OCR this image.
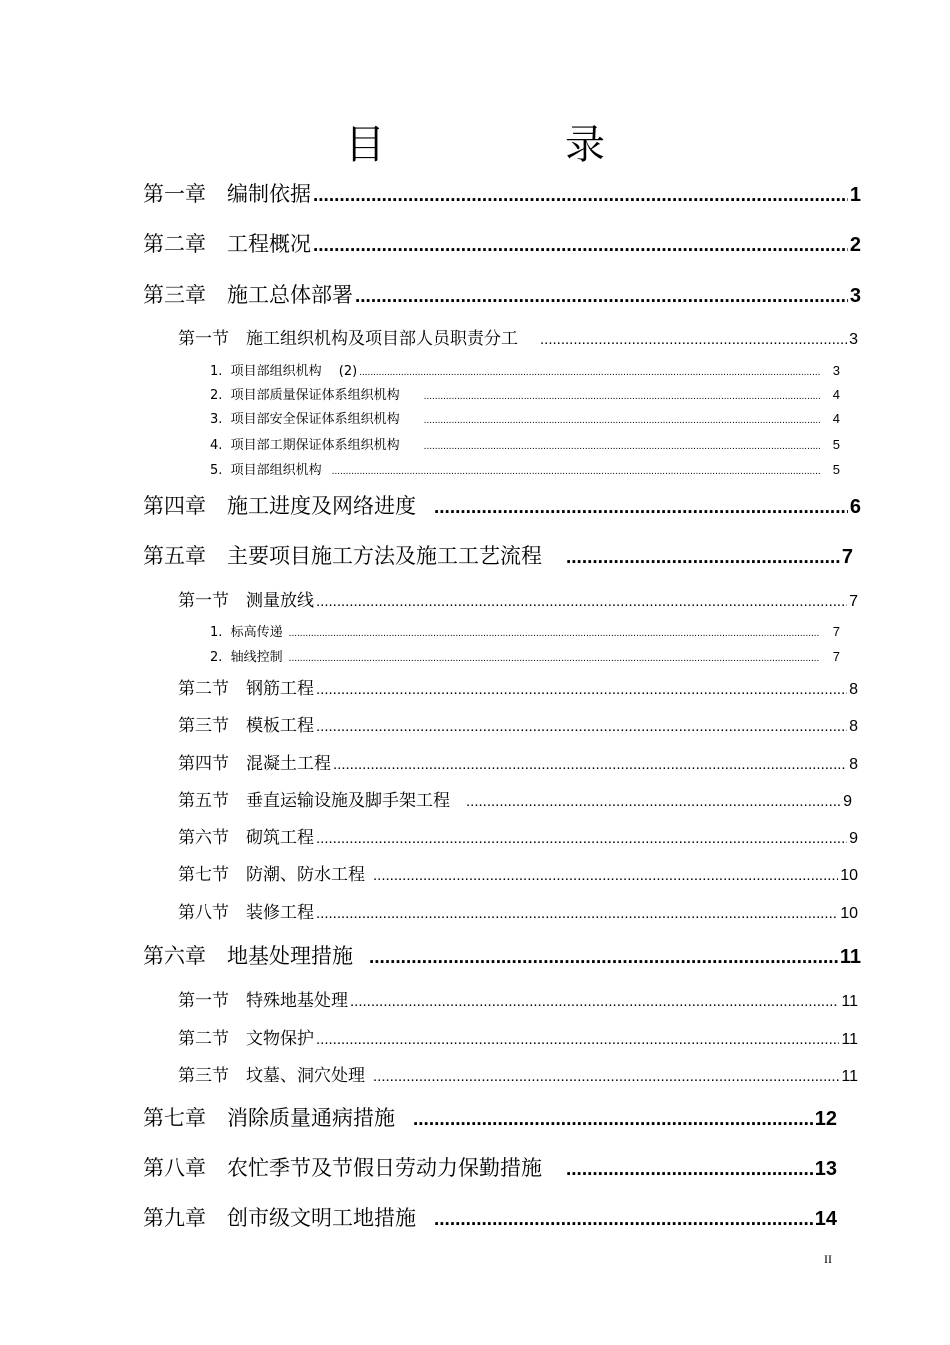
目　录
第一章　编制依据 .....	1
第二章　工程概况 .....	2
第三章　施工总体部署 .....	3
第一节　施工组织机构及项目部人员职责分工 .....	3
1.  项目部组织机构　 (2) .....	3
2.  项目部质量保证体系组织机构 .....	4
3.  项目部安全保证体系组织机构 .....	4
4.  项目部工期保证体系组织机构 .....	5
5.  项目部组织机构 .....	5
第四章　施工进度及网络进度 .....	6
第五章　主要项目施工方法及施工工艺流程 .....	7
第一节　测量放线 .....	7
1.  标高传递 .....	7
2.  轴线控制 .....	7
第二节　钢筋工程 .....	8
第三节　模板工程 .....	8
第四节　混凝土工程 .....	8
第五节　垂直运输设施及脚手架工程 .....	9
第六节　砌筑工程 .....	9
第七节　防潮、防水工程 .....	10
第八节　装修工程 .....	10
第六章　地基处理措施 .....	11
第一节　特殊地基处理 .....	11
第二节　文物保护 .....	11
第三节　坟墓、洞穴处理 .....	11
第七章　消除质量通病措施 .....	12
第八章　农忙季节及节假日劳动力保勤措施 .....	13
第九章　创市级文明工地措施 .....	14
II
